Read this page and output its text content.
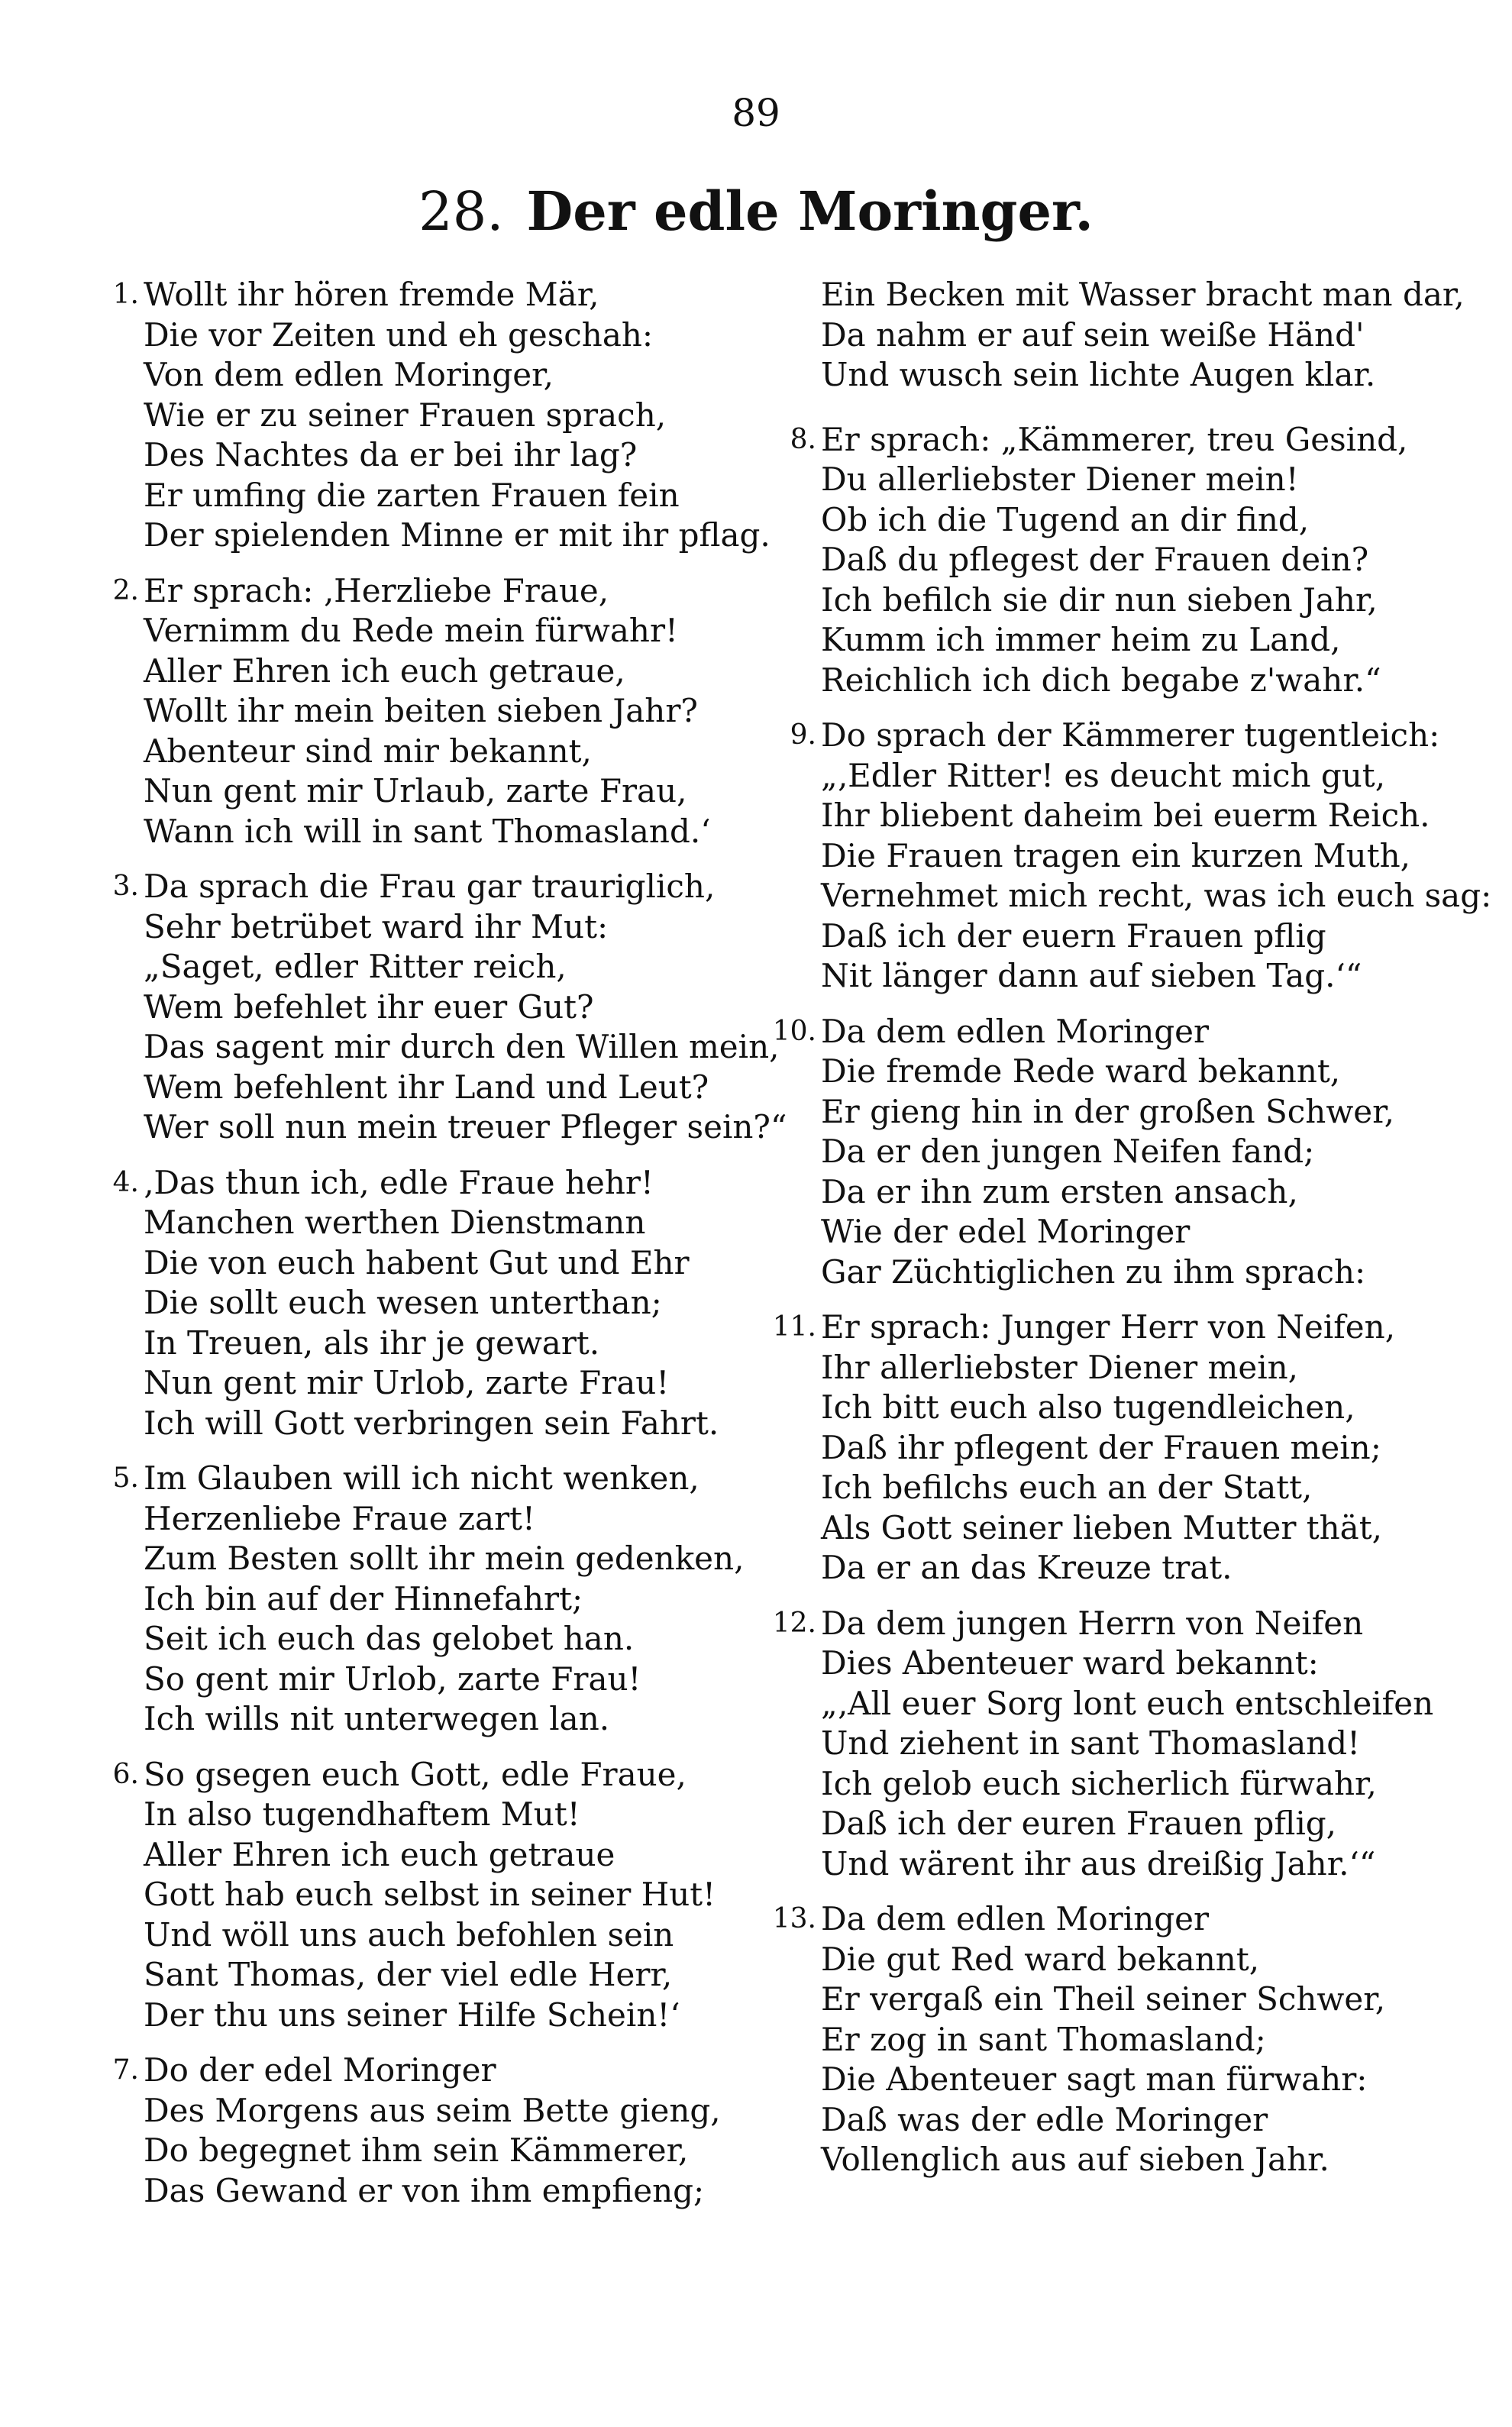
89
28. Der edle Moringer.
1. Wollt ihr hören fremde Mär,
Die vor Zeiten und eh geschah:
Von dem edlen Moringer,
Wie er zu seiner Frauen sprach,
Des Nachtes da er bei ihr lag?
Er umfing die zarten Frauen fein
Der spielenden Minne er mit ihr pflag.
2. Er sprach: ‚Herzliebe Fraue,
Vernimm du Rede mein fürwahr!
Aller Ehren ich euch getraue,
Wollt ihr mein beiten sieben Jahr?
Abenteur sind mir bekannt,
Nun gent mir Urlaub, zarte Frau,
Wann ich will in sant Thomasland.‘
3. Da sprach die Frau gar trauriglich,
Sehr betrübet ward ihr Mut:
„Saget, edler Ritter reich,
Wem befehlet ihr euer Gut?
Das sagent mir durch den Willen mein,
Wem befehlent ihr Land und Leut?
Wer soll nun mein treuer Pfleger sein?“
4. ‚Das thun ich, edle Fraue hehr!
Manchen werthen Dienstmann
Die von euch habent Gut und Ehr
Die sollt euch wesen unterthan;
In Treuen, als ihr je gewart.
Nun gent mir Urlob, zarte Frau!
Ich will Gott verbringen sein Fahrt.
5. Im Glauben will ich nicht wenken,
Herzenliebe Fraue zart!
Zum Besten sollt ihr mein gedenken,
Ich bin auf der Hinnefahrt;
Seit ich euch das gelobet han.
So gent mir Urlob, zarte Frau!
Ich wills nit unterwegen lan.
6. So gsegen euch Gott, edle Fraue,
In also tugendhaftem Mut!
Aller Ehren ich euch getraue
Gott hab euch selbst in seiner Hut!
Und wöll uns auch befohlen sein
Sant Thomas, der viel edle Herr,
Der thu uns seiner Hilfe Schein!‘
7. Do der edel Moringer
Des Morgens aus seim Bette gieng,
Do begegnet ihm sein Kämmerer,
Das Gewand er von ihm empfieng;
Ein Becken mit Wasser bracht man dar,
Da nahm er auf sein weiße Händ'
Und wusch sein lichte Augen klar.
8. Er sprach: „Kämmerer, treu Gesind,
Du allerliebster Diener mein!
Ob ich die Tugend an dir find,
Daß du pflegest der Frauen dein?
Ich befilch sie dir nun sieben Jahr,
Kumm ich immer heim zu Land,
Reichlich ich dich begabe z'wahr.“
9. Do sprach der Kämmerer tugentleich:
„‚Edler Ritter! es deucht mich gut,
Ihr bliebent daheim bei euerm Reich.
Die Frauen tragen ein kurzen Muth,
Vernehmet mich recht, was ich euch sag:
Daß ich der euern Frauen pflig
Nit länger dann auf sieben Tag.‘“
10. Da dem edlen Moringer
Die fremde Rede ward bekannt,
Er gieng hin in der großen Schwer,
Da er den jungen Neifen fand;
Da er ihn zum ersten ansach,
Wie der edel Moringer
Gar Züchtiglichen zu ihm sprach:
11. Er sprach: Junger Herr von Neifen,
Ihr allerliebster Diener mein,
Ich bitt euch also tugendleichen,
Daß ihr pflegent der Frauen mein;
Ich befilchs euch an der Statt,
Als Gott seiner lieben Mutter thät,
Da er an das Kreuze trat.
12. Da dem jungen Herrn von Neifen
Dies Abenteuer ward bekannt:
„‚All euer Sorg lont euch entschleifen
Und ziehent in sant Thomasland!
Ich gelob euch sicherlich fürwahr,
Daß ich der euren Frauen pflig,
Und wärent ihr aus dreißig Jahr.‘“
13. Da dem edlen Moringer
Die gut Red ward bekannt,
Er vergaß ein Theil seiner Schwer,
Er zog in sant Thomasland;
Die Abenteuer sagt man fürwahr:
Daß was der edle Moringer
Vollenglich aus auf sieben Jahr.
